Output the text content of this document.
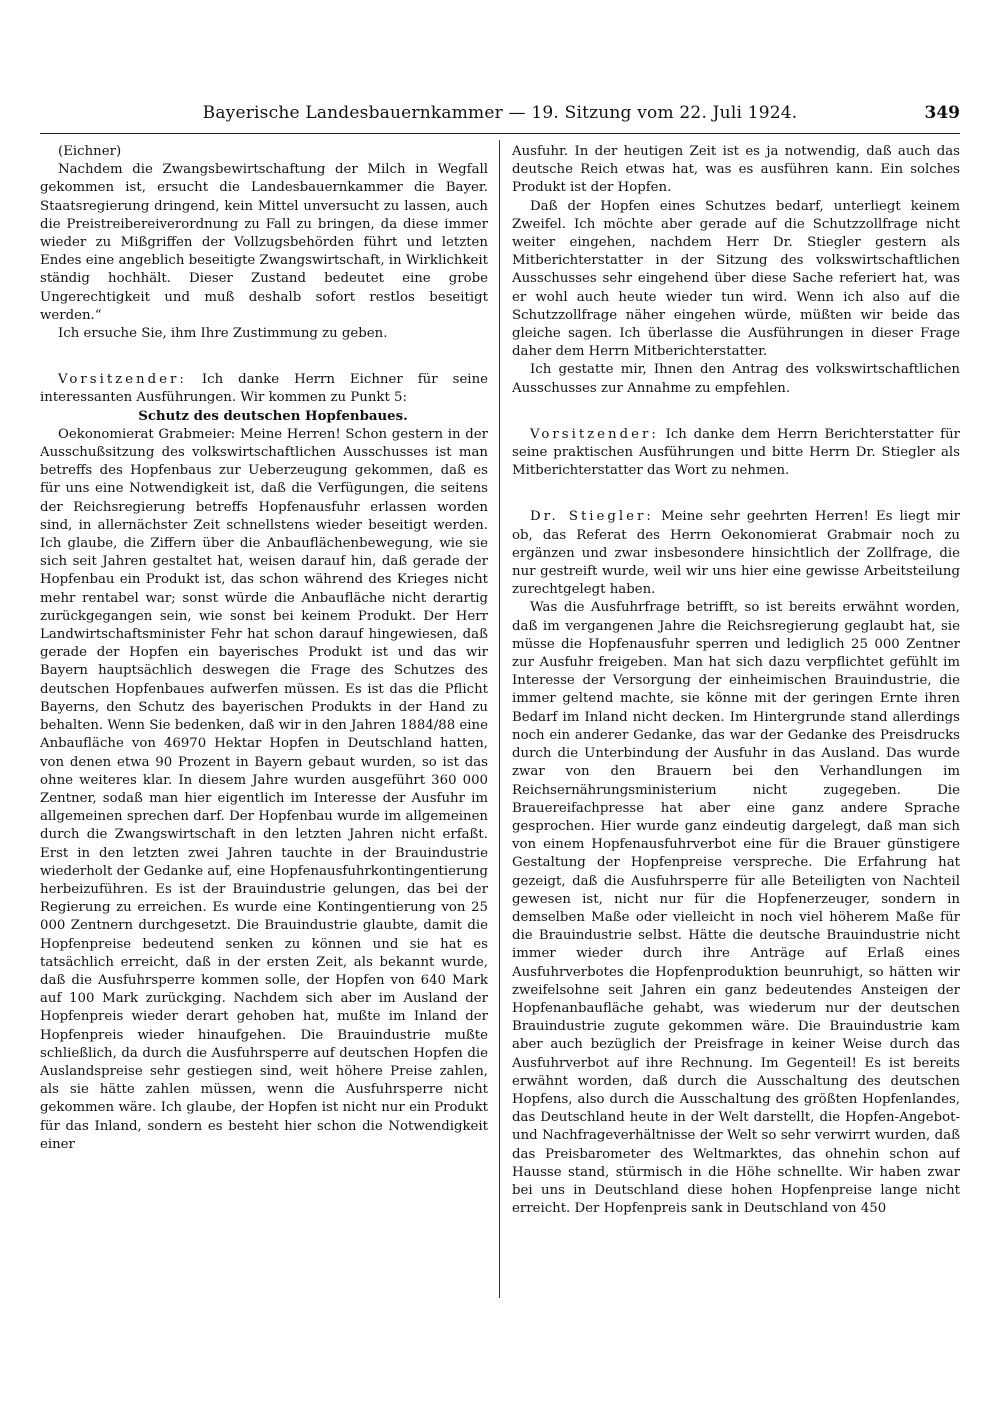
Bayerische Landesbauernkammer — 19. Sitzung vom 22. Juli 1924.	349

(Eichner)

Nachdem die Zwangsbewirtschaftung der Milch in Wegfall gekommen ist, ersucht die Landesbauernkammer die Bayer. Staatsregierung dringend, kein Mittel unversucht zu lassen, auch die Preistreibereiverordnung zu Fall zu bringen, da diese immer wieder zu Mißgriffen der Vollzugsbehörden führt und letzten Endes eine angeblich beseitigte Zwangswirtschaft, in Wirklichkeit ständig hochhält. Dieser Zustand bedeutet eine grobe Ungerechtigkeit und muß deshalb sofort restlos beseitigt werden.“

Ich ersuche Sie, ihm Ihre Zustimmung zu geben.

Vorsitzender: Ich danke Herrn Eichner für seine interessanten Ausführungen. Wir kommen zu Punkt 5:

Schutz des deutschen Hopfenbaues.

Oekonomierat Grabmeier: Meine Herren! Schon gestern in der Ausschußsitzung des volkswirtschaftlichen Ausschusses ist man betreffs des Hopfenbaus zur Ueberzeugung gekommen, daß es für uns eine Notwendigkeit ist, daß die Verfügungen, die seitens der Reichsregierung betreffs Hopfenausfuhr erlassen worden sind, in allernächster Zeit schnellstens wieder beseitigt werden. Ich glaube, die Ziffern über die Anbauflächenbewegung, wie sie sich seit Jahren gestaltet hat, weisen darauf hin, daß gerade der Hopfenbau ein Produkt ist, das schon während des Krieges nicht mehr rentabel war; sonst würde die Anbaufläche nicht derartig zurückgegangen sein, wie sonst bei keinem Produkt. Der Herr Landwirtschaftsminister Fehr hat schon darauf hingewiesen, daß gerade der Hopfen ein bayerisches Produkt ist und das wir Bayern hauptsächlich deswegen die Frage des Schutzes des deutschen Hopfenbaues aufwerfen müssen. Es ist das die Pflicht Bayerns, den Schutz des bayerischen Produkts in der Hand zu behalten. Wenn Sie bedenken, daß wir in den Jahren 1884/88 eine Anbaufläche von 46970 Hektar Hopfen in Deutschland hatten, von denen etwa 90 Prozent in Bayern gebaut wurden, so ist das ohne weiteres klar. In diesem Jahre wurden ausgeführt 360 000 Zentner, sodaß man hier eigentlich im Interesse der Ausfuhr im allgemeinen sprechen darf. Der Hopfenbau wurde im allgemeinen durch die Zwangswirtschaft in den letzten Jahren nicht erfaßt. Erst in den letzten zwei Jahren tauchte in der Brauindustrie wiederholt der Gedanke auf, eine Hopfenausfuhrkontingentierung herbeizuführen. Es ist der Brauindustrie gelungen, das bei der Regierung zu erreichen. Es wurde eine Kontingentierung von 25 000 Zentnern durchgesetzt. Die Brauindustrie glaubte, damit die Hopfenpreise bedeutend senken zu können und sie hat es tatsächlich erreicht, daß in der ersten Zeit, als bekannt wurde, daß die Ausfuhrsperre kommen solle, der Hopfen von 640 Mark auf 100 Mark zurückging. Nachdem sich aber im Ausland der Hopfenpreis wieder derart gehoben hat, mußte im Inland der Hopfenpreis wieder hinaufgehen. Die Brauindustrie mußte schließlich, da durch die Ausfuhrsperre auf deutschen Hopfen die Auslandspreise sehr gestiegen sind, weit höhere Preise zahlen, als sie hätte zahlen müssen, wenn die Ausfuhrsperre nicht gekommen wäre. Ich glaube, der Hopfen ist nicht nur ein Produkt für das Inland, sondern es besteht hier schon die Notwendigkeit einer

Ausfuhr. In der heutigen Zeit ist es ja notwendig, daß auch das deutsche Reich etwas hat, was es ausführen kann. Ein solches Produkt ist der Hopfen.

Daß der Hopfen eines Schutzes bedarf, unterliegt keinem Zweifel. Ich möchte aber gerade auf die Schutzzollfrage nicht weiter eingehen, nachdem Herr Dr. Stiegler gestern als Mitberichterstatter in der Sitzung des volkswirtschaftlichen Ausschusses sehr eingehend über diese Sache referiert hat, was er wohl auch heute wieder tun wird. Wenn ich also auf die Schutzzollfrage näher eingehen würde, müßten wir beide das gleiche sagen. Ich überlasse die Ausführungen in dieser Frage daher dem Herrn Mitberichterstatter.

Ich gestatte mir, Ihnen den Antrag des volkswirtschaftlichen Ausschusses zur Annahme zu empfehlen.

Vorsitzender: Ich danke dem Herrn Berichterstatter für seine praktischen Ausführungen und bitte Herrn Dr. Stiegler als Mitberichterstatter das Wort zu nehmen.

Dr. Stiegler: Meine sehr geehrten Herren! Es liegt mir ob, das Referat des Herrn Oekonomierat Grabmair noch zu ergänzen und zwar insbesondere hinsichtlich der Zollfrage, die nur gestreift wurde, weil wir uns hier eine gewisse Arbeitsteilung zurechtgelegt haben.

Was die Ausfuhrfrage betrifft, so ist bereits erwähnt worden, daß im vergangenen Jahre die Reichsregierung geglaubt hat, sie müsse die Hopfenausfuhr sperren und lediglich 25 000 Zentner zur Ausfuhr freigeben. Man hat sich dazu verpflichtet gefühlt im Interesse der Versorgung der einheimischen Brauindustrie, die immer geltend machte, sie könne mit der geringen Ernte ihren Bedarf im Inland nicht decken. Im Hintergrunde stand allerdings noch ein anderer Gedanke, das war der Gedanke des Preisdrucks durch die Unterbindung der Ausfuhr in das Ausland. Das wurde zwar von den Brauern bei den Verhandlungen im Reichsernährungsministerium nicht zugegeben. Die Brauereifachpresse hat aber eine ganz andere Sprache gesprochen. Hier wurde ganz eindeutig dargelegt, daß man sich von einem Hopfenausfuhrverbot eine für die Brauer günstigere Gestaltung der Hopfenpreise verspreche. Die Erfahrung hat gezeigt, daß die Ausfuhrsperre für alle Beteiligten von Nachteil gewesen ist, nicht nur für die Hopfenerzeuger, sondern in demselben Maße oder vielleicht in noch viel höherem Maße für die Brauindustrie selbst. Hätte die deutsche Brauindustrie nicht immer wieder durch ihre Anträge auf Erlaß eines Ausfuhrverbotes die Hopfenproduktion beunruhigt, so hätten wir zweifelsohne seit Jahren ein ganz bedeutendes Ansteigen der Hopfenanbaufläche gehabt, was wiederum nur der deutschen Brauindustrie zugute gekommen wäre. Die Brauindustrie kam aber auch bezüglich der Preisfrage in keiner Weise durch das Ausfuhrverbot auf ihre Rechnung. Im Gegenteil! Es ist bereits erwähnt worden, daß durch die Ausschaltung des deutschen Hopfens, also durch die Ausschaltung des größten Hopfenlandes, das Deutschland heute in der Welt darstellt, die Hopfen-Angebot- und Nachfrageverhältnisse der Welt so sehr verwirrt wurden, daß das Preisbarometer des Weltmarktes, das ohnehin schon auf Hausse stand, stürmisch in die Höhe schnellte. Wir haben zwar bei uns in Deutschland diese hohen Hopfenpreise lange nicht erreicht. Der Hopfenpreis sank in Deutschland von 450
